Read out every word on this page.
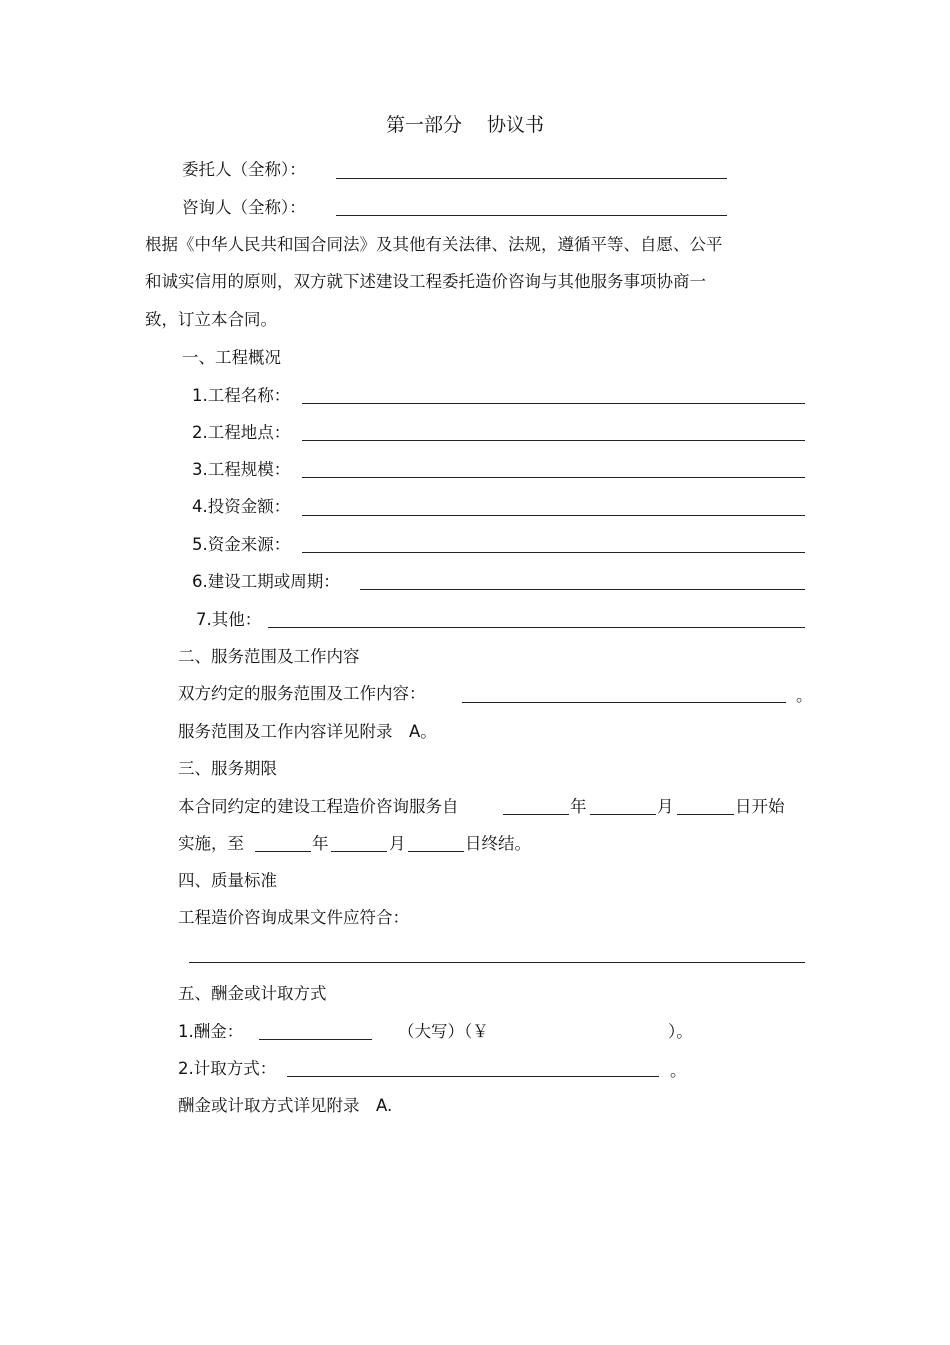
第一部分　 协议书
委托人（全称）：
咨询人（全称）：
根据《中华人民共和国合同法》及其他有关法律、法规，遵循平等、自愿、公平
和诚实信用的原则，双方就下述建设工程委托造价咨询与其他服务事项协商一
致，订立本合同。
一、工程概况
1.工程名称：
2.工程地点：
3.工程规模：
4.投资金额：
5.资金来源：
6.建设工期或周期：
7.其他：
二、服务范围及工作内容
双方约定的服务范围及工作内容：	。
服务范围及工作内容详见附录　A。
三、服务期限
本合同约定的建设工程造价咨询服务自	年	月	日开始
实施，至	年	月	日终结。
四、质量标准
工程造价咨询成果文件应符合：
五、酬金或计取方式
1.酬金：	（大写）（￥	）。
2.计取方式：	。
酬金或计取方式详见附录　A.
